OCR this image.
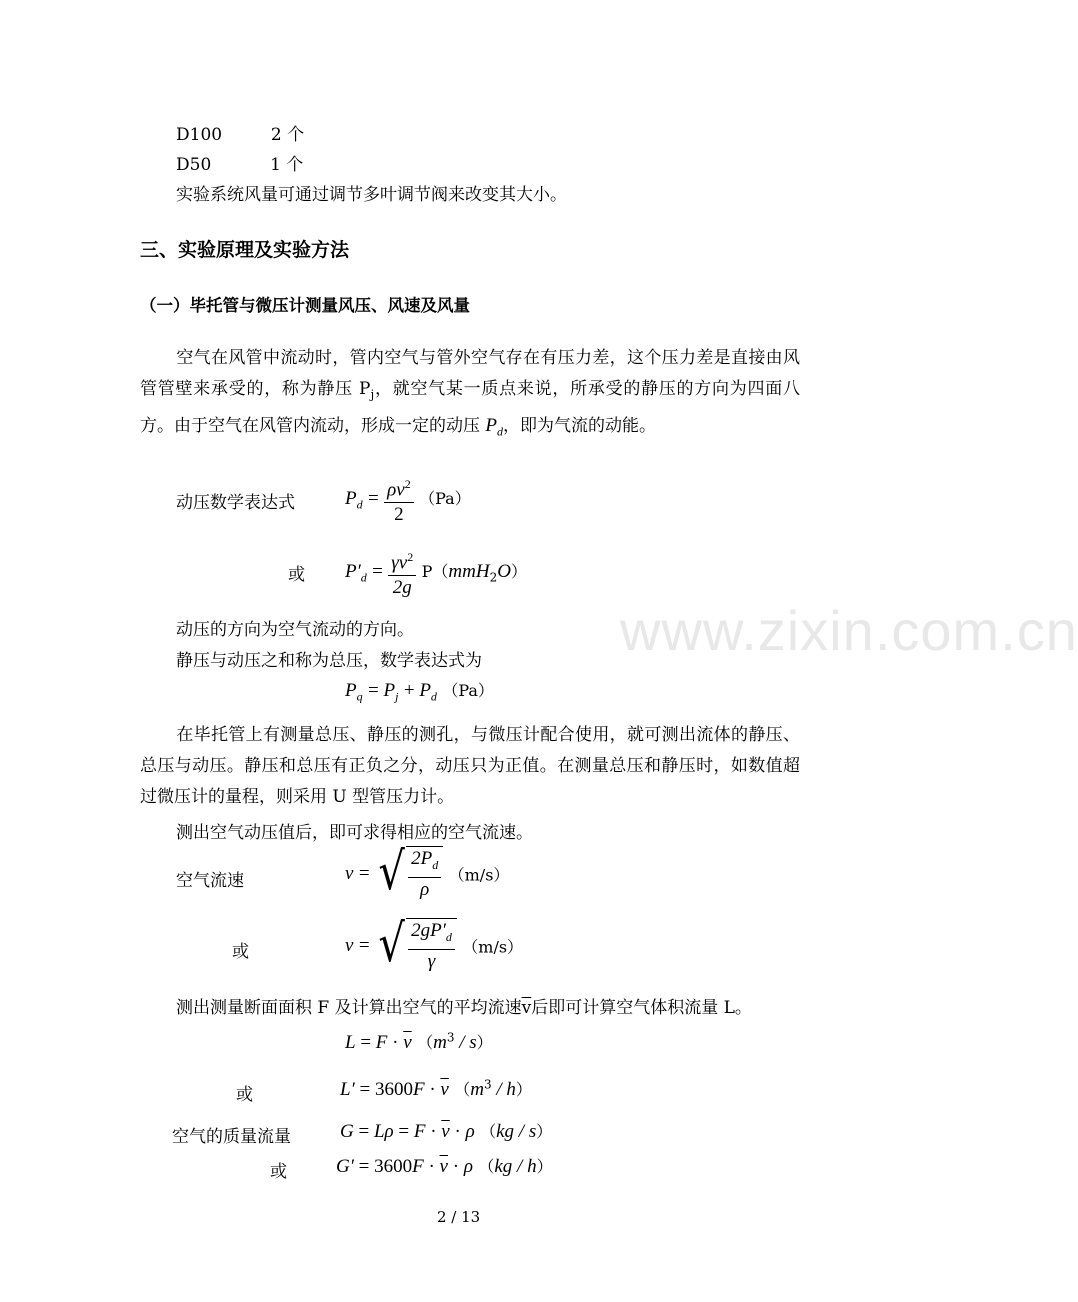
D100	2 个
D50	1 个
实验系统风量可通过调节多叶调节阀来改变其大小。
三、实验原理及实验方法
（一）毕托管与微压计测量风压、风速及风量
空气在风管中流动时，管内空气与管外空气存在有压力差，这个压力差是直接由风管管壁来承受的，称为静压 $P_j$，就空气某一质点来说，所承受的静压的方向为四面八方。由于空气在风管内流动，形成一定的动压 $P_d$，即为气流的动能。
动压数学表达式	$P_d = \frac{\rho v^2}{2} (Pa)$
或 $P'_d = \frac{\gamma v^2}{2g} P(mmH_2O)$
动压的方向为空气流动的方向。
静压与动压之和称为总压，数学表达式为
$P_q = P_j + P_d$ （Pa）
在毕托管上有测量总压、静压的测孔，与微压计配合使用，就可测出流体的静压、总压与动压。静压和总压有正负之分，动压只为正值。在测量总压和静压时，如数值超过微压计的量程，则采用 U 型管压力计。
测出空气动压值后，即可求得相应的空气流速。
空气流速	v = √ $\frac{2P_d}{\rho} (m/s)$
或	v = √ $\frac{2gP'_d}{\gamma} (m/s)$
测出测量断面面积 F 及计算出空气的平均流速$\overline{v}$后即可计算空气体积流量 L。
$L = F \cdot \overline{v}$ $(m^3 / s)$
或	$L' = 3600F \cdot \overline{v}$ $(m^3 / h)$
空气的质量流量	$G = L\rho = F \cdot \overline{v} \cdot \rho$ （kg / s）
或	$G' = 3600F \cdot \overline{v} \cdot \rho$ （kg / h）
2 / 13
www.zixin.com.cn
